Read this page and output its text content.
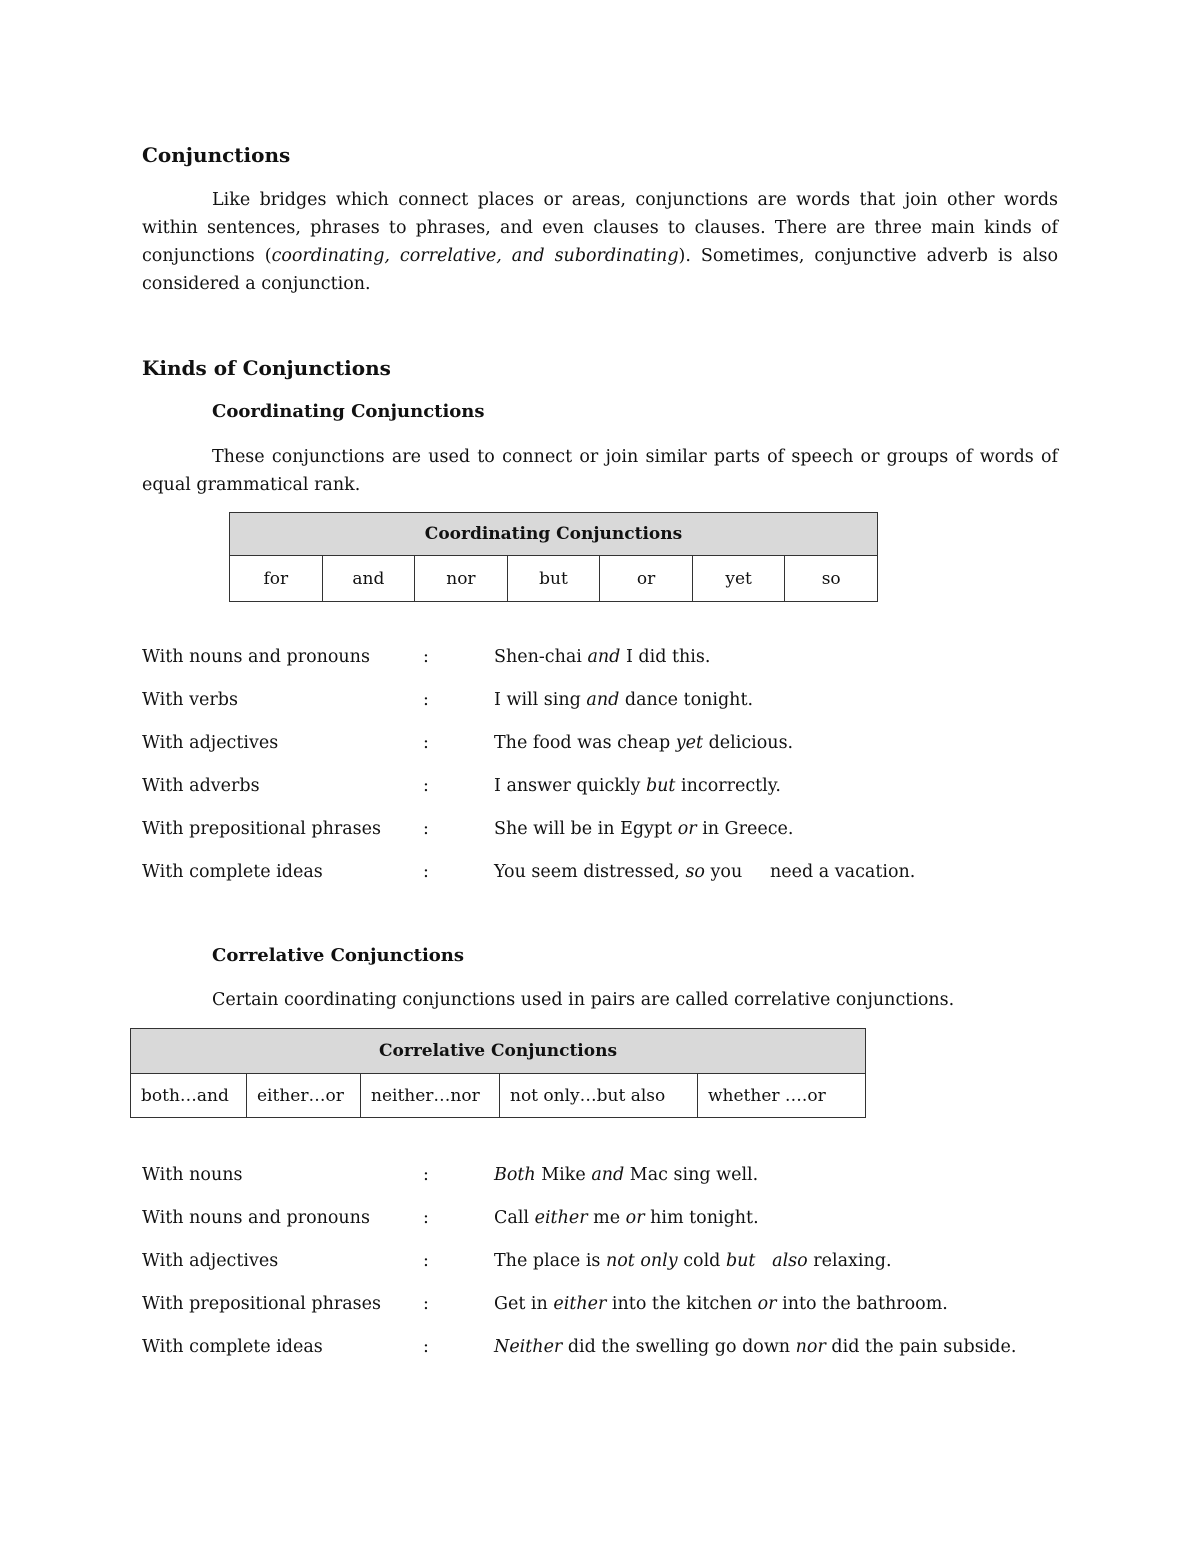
Conjunctions
Like bridges which connect places or areas, conjunctions are words that join other words within sentences, phrases to phrases, and even clauses to clauses. There are three main kinds of conjunctions (coordinating, correlative, and subordinating). Sometimes, conjunctive adverb is also considered a conjunction.
Kinds of Conjunctions
Coordinating Conjunctions
These conjunctions are used to connect or join similar parts of speech or groups of words of equal grammatical rank.
Coordinating Conjunctions
for	and	nor	but	or	yet	so
With nouns and pronouns	:	Shen-chai and I did this.
With verbs	:	I will sing and dance tonight.
With adjectives	:	The food was cheap yet delicious.
With adverbs	:	I answer quickly but incorrectly.
With prepositional phrases :	She will be in Egypt or in Greece.
With complete ideas	:	You seem distressed, so you     need a vacation.
Correlative Conjunctions
Certain coordinating conjunctions used in pairs are called correlative conjunctions.
Correlative Conjunctions
both…and	either…or	neither…nor	not only…but also	whether ….or
With nouns	:	Both Mike and Mac sing well.
With nouns and pronouns	:	Call either me or him tonight.
With adjectives	:	The place is not only cold but   also relaxing.
With prepositional phrases :	Get in either into the kitchen or into the bathroom.
With complete ideas	:	Neither did the swelling go down nor did the pain subside.
